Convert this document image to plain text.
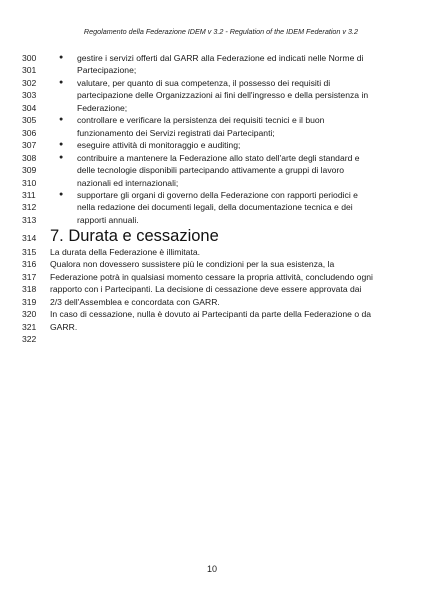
Regolamento della Federazione IDEM v 3.2 - Regulation of the IDEM Federation v 3.2
300	● gestire i servizi offerti dal GARR alla Federazione ed indicati nelle Norme di
301	Partecipazione;
302	● valutare, per quanto di sua competenza, il possesso dei requisiti di
303	partecipazione delle Organizzazioni ai fini dell'ingresso e della persistenza in
304	Federazione;
305	● controllare e verificare la persistenza dei requisiti tecnici e il buon
306	funzionamento dei Servizi registrati dai Partecipanti;
307	● eseguire attività di monitoraggio e auditing;
308	● contribuire a mantenere la Federazione allo stato dell'arte degli standard e
309	delle tecnologie disponibili partecipando attivamente a gruppi di lavoro
310	nazionali ed internazionali;
311	● supportare gli organi di governo della Federazione con rapporti periodici e
312	nella redazione dei documenti legali, della documentazione tecnica e dei
313	rapporti annuali.
314 7. Durata e cessazione
315	La durata della Federazione è illimitata.
316	Qualora non dovessero sussistere più le condizioni per la sua esistenza, la
317	Federazione potrà in qualsiasi momento cessare la propria attività, concludendo ogni
318	rapporto con i Partecipanti. La decisione di cessazione deve essere approvata dai
319	2/3 dell'Assemblea e concordata con GARR.
320	In caso di cessazione, nulla è dovuto ai Partecipanti da parte della Federazione o da
321	GARR.
322
10
